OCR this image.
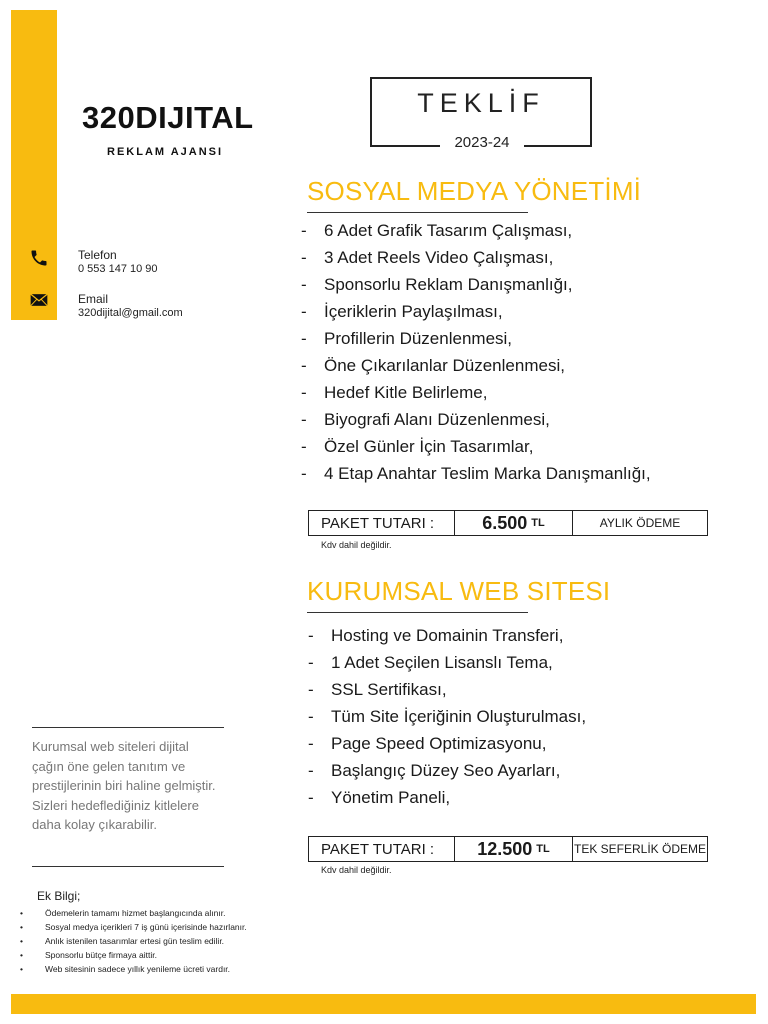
320DIJITAL
REKLAM AJANSI
Telefon
0 553 147 10 90
Email
320dijital@gmail.com
TEKLİF
2023-24
SOSYAL MEDYA YÖNETİMİ
-	6 Adet Grafik Tasarım Çalışması,
-	3 Adet Reels Video Çalışması,
-	Sponsorlu Reklam Danışmanlığı,
-	İçeriklerin Paylaşılması,
-	Profillerin Düzenlenmesi,
-	Öne Çıkarılanlar Düzenlenmesi,
-	Hedef Kitle Belirleme,
-	Biyografi Alanı Düzenlenmesi,
-	Özel Günler İçin Tasarımlar,
-	4 Etap Anahtar Teslim Marka Danışmanlığı,
PAKET TUTARI :	6.500 TL	AYLIK ÖDEME
Kdv dahil değildir.
KURUMSAL WEB SITESI
-	Hosting ve Domainin Transferi,
-	1 Adet Seçilen Lisanslı Tema,
-	SSL Sertifikası,
-	Tüm Site İçeriğinin Oluşturulması,
-	Page Speed Optimizasyonu,
-	Başlangıç Düzey Seo Ayarları,
-	Yönetim Paneli,
PAKET TUTARI :	12.500 TL TEK SEFERLİK ÖDEME
Kdv dahil değildir.
Kurumsal web siteleri dijital çağın öne gelen tanıtım ve prestijlerinin biri haline gelmiştir. Sizleri hedeflediğiniz kitlelere daha kolay çıkarabilir.
Ek Bilgi;
•	Ödemelerin tamamı hizmet başlangıcında alınır.
•	Sosyal medya içerikleri 7 iş günü içerisinde hazırlanır.
•	Anlık istenilen tasarımlar ertesi gün teslim edilir.
•	Sponsorlu bütçe firmaya aittir.
•	Web sitesinin sadece yıllık yenileme ücreti vardır.
